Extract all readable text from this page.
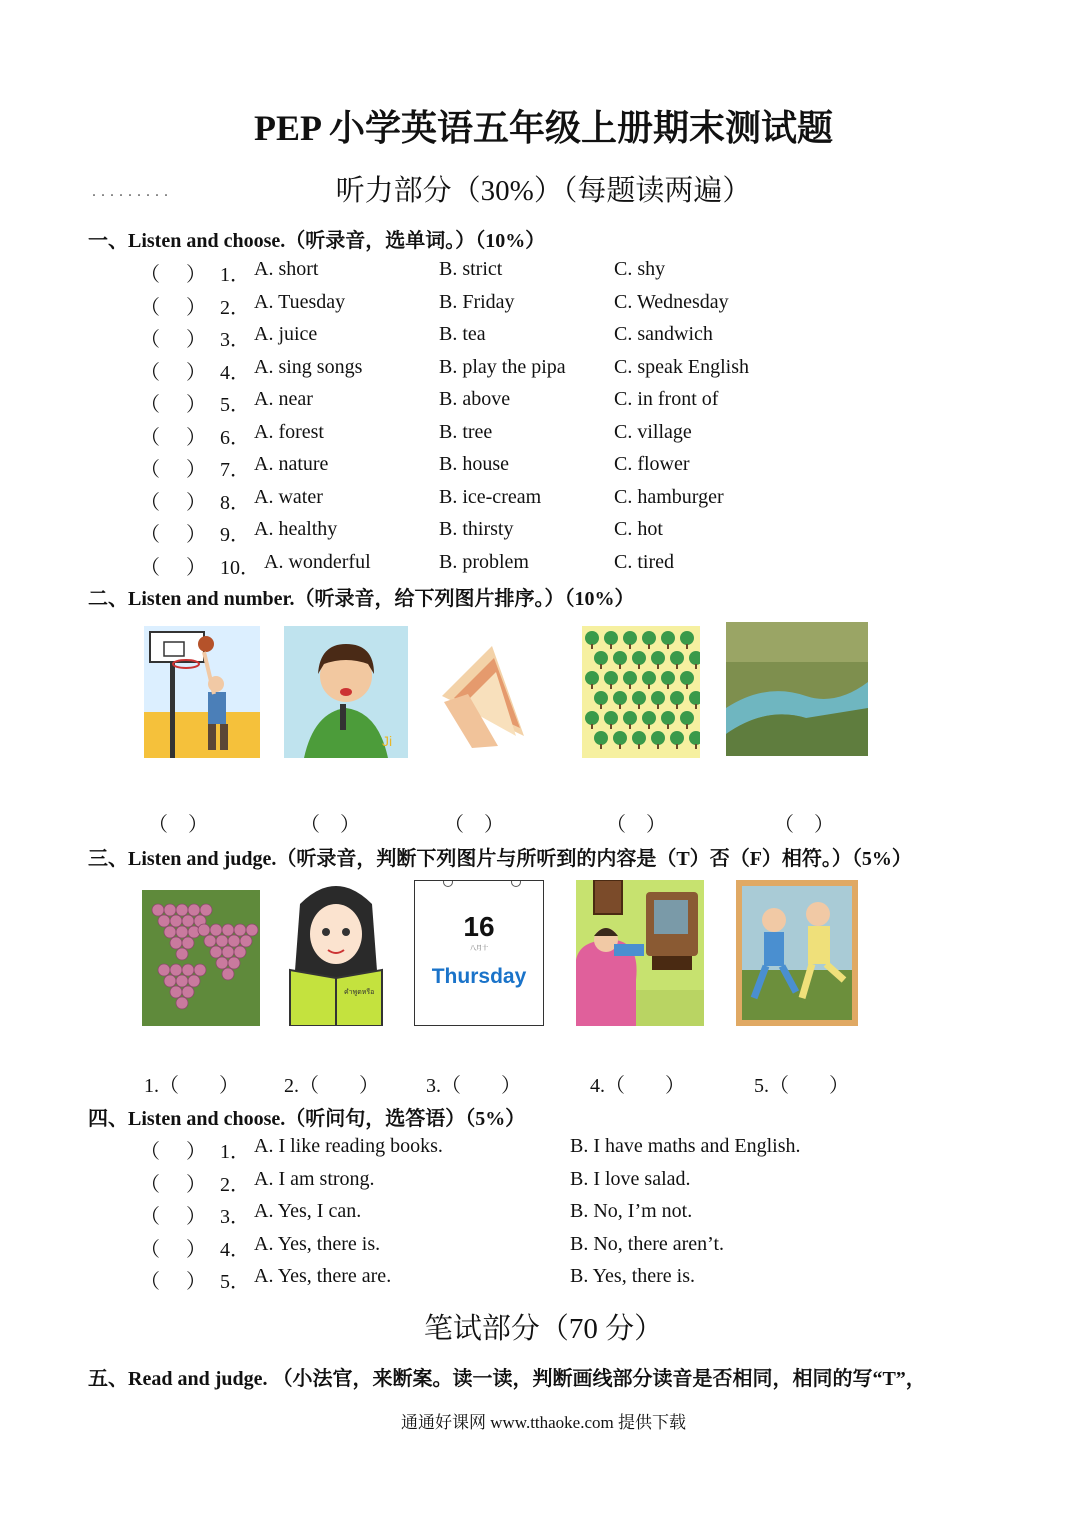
PEP 小学英语五年级上册期末测试题
.........	听力部分（30%）（每题读两遍）
一、Listen and choose.（听录音，选单词。）（10%）
（ ） 1． A. short	B. strict	C. shy
（ ） 2． A. Tuesday	B. Friday	C. Wednesday
（ ） 3． A. juice	B. tea	C. sandwich
（ ） 4． A. sing songs	B. play the pipa C. speak English
（ ） 5． A. near	B. above	C. in front of
（ ） 6． A. forest	B. tree	C. village
（ ） 7． A. nature	B. house	C. flower
（ ） 8． A. water	B. ice-cream	C. hamburger
（ ） 9． A. healthy	B. thirsty	C. hot
（ ） 10． A. wonderful	B. problem	C. tired
二、Listen and number.（听录音，给下列图片排序。）（10%）
Ji
（　）	（　）	（　）	（　）	（　）
三、Listen and judge.（听录音，判断下列图片与所听到的内容是（T）否（F）相符。）（5%）
คำพูดหรือ
16
八月十
Thursday
1.（　　） 2.（　　） 3.（　　）	4.（　　）	5.（　　）
四、Listen and choose.（听问句，选答语）（5%）
（ ） 1． A. I like reading books.	B. I have maths and English.
（ ） 2． A. I am strong.	B. I love salad.
（ ） 3． A. Yes, I can.	B. No, I’m not.
（ ） 4． A. Yes, there is.	B. No, there aren’t.
（ ） 5． A. Yes, there are.	B. Yes, there is.
笔试部分（70 分）
五、Read and judge. （小法官，来断案。读一读，判断画线部分读音是否相同，相同的写“T”，
通通好课网 www.tthaoke.com 提供下载
